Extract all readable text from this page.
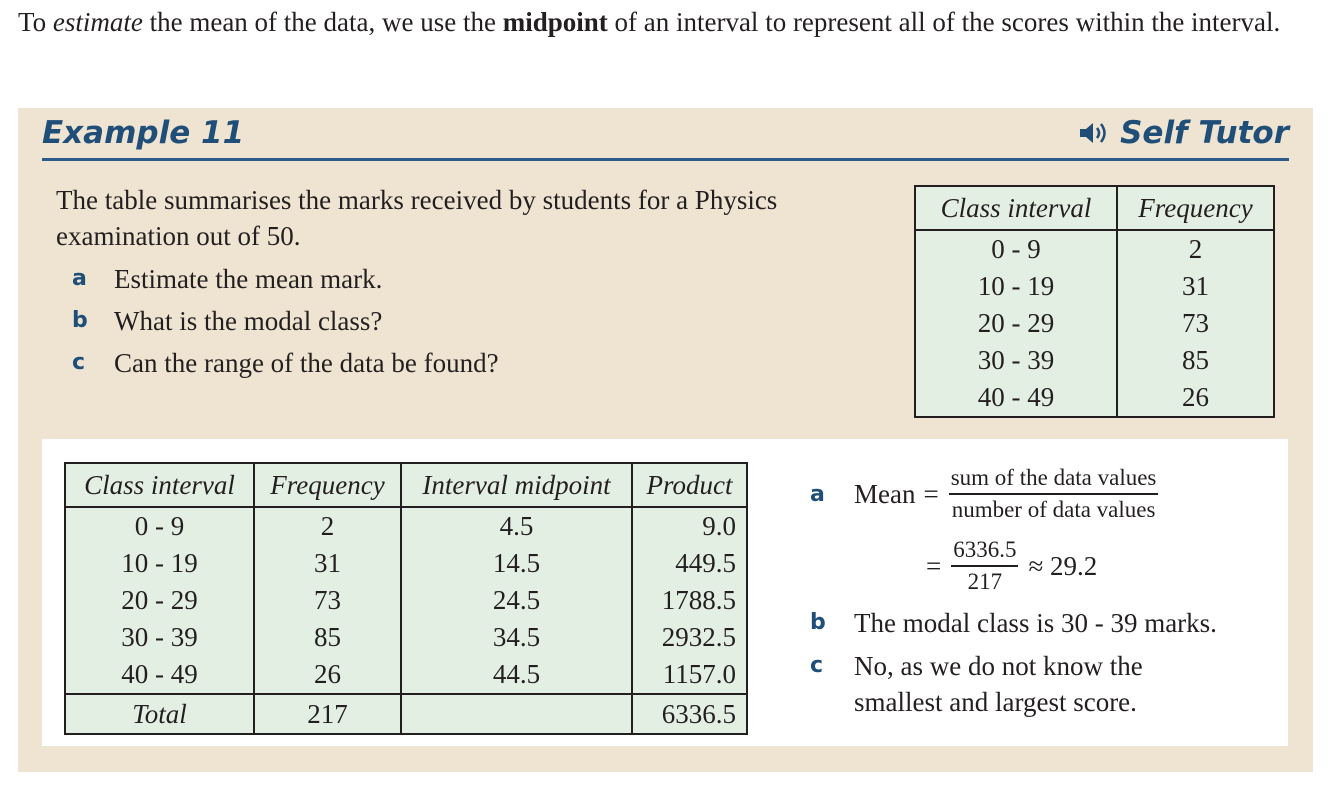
To estimate the mean of the data, we use the midpoint of an interval to represent all of the scores within the interval.
Example 11	Self Tutor
The table summarises the marks received by students for a Physics examination out of 50.
a	Estimate the mean mark.
b What is the modal class?
c	Can the range of the data be found?
Class interval	Frequency
0 - 9	2
10 - 19	31
20 - 29	73
30 - 39	85
40 - 49	26
Class interval	Frequency	Interval midpoint	Product
0 - 9	2	4.5	9.0
10 - 19	31	14.5	449.5
20 - 29	73	24.5	1788.5
30 - 39	85	34.5	2932.5
40 - 49	26	44.5	1157.0
Total	217		6336.5
a	Mean = $\frac{\text{sum of the data values}}{\text{number of data values}}$
= $\frac{6336.5}{217} \approx 29.2$
b	The modal class is 30 - 39 marks.
c	No, as we do not know the
smallest and largest score.
